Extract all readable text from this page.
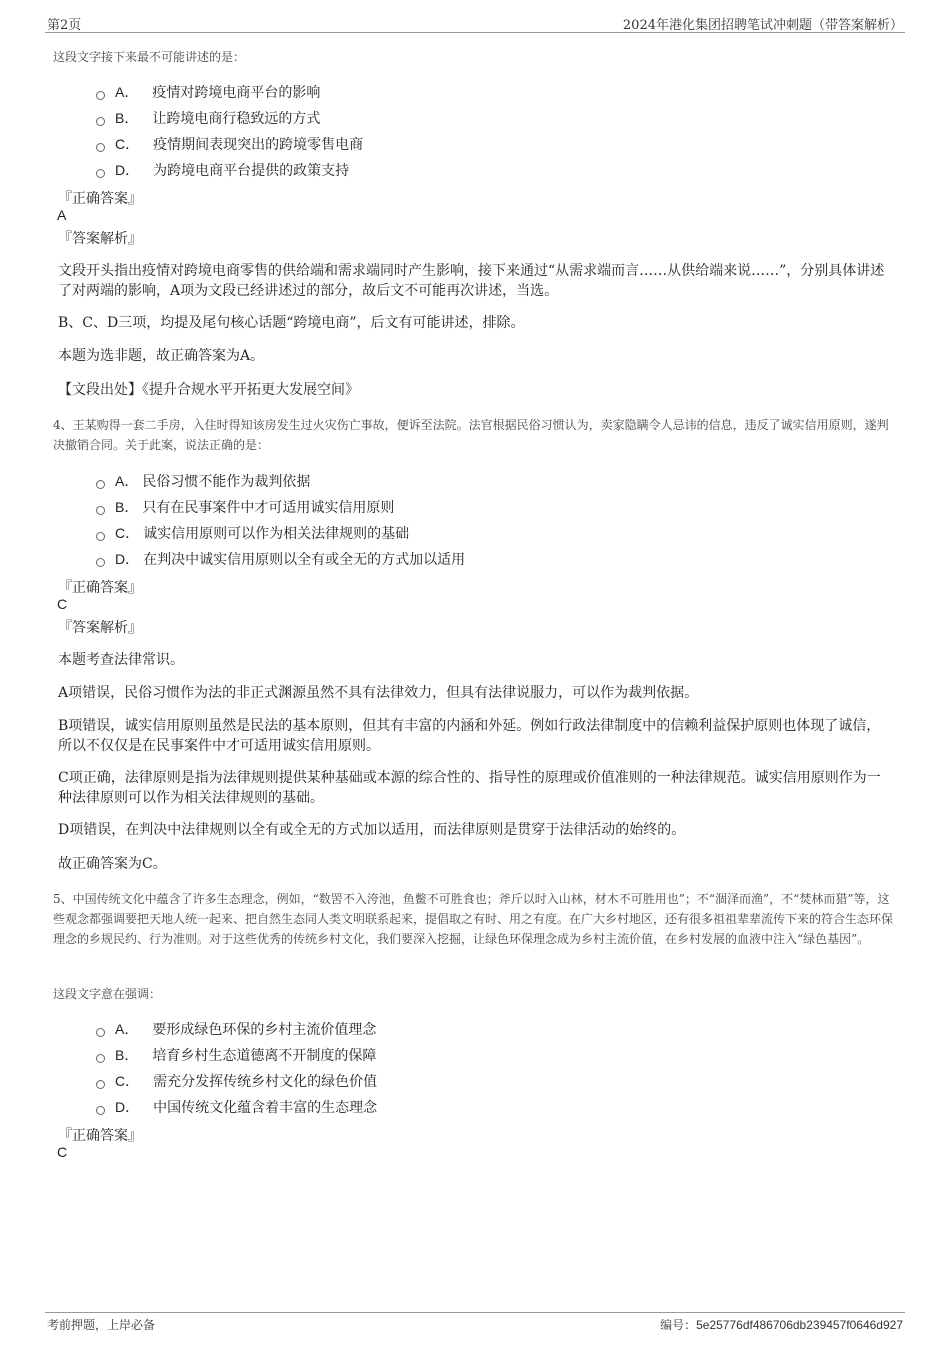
第2页	2024年港化集团招聘笔试冲刺题（带答案解析）
这段文字接下来最不可能讲述的是：
A． 疫情对跨境电商平台的影响
B． 让跨境电商行稳致远的方式
C． 疫情期间表现突出的跨境零售电商
D． 为跨境电商平台提供的政策支持
『正确答案』
A
『答案解析』
文段开头指出疫情对跨境电商零售的供给端和需求端同时产生影响，接下来通过“从需求端而言……从供给端来说……”，分别具体讲述了对两端的影响，A项为文段已经讲述过的部分，故后文不可能再次讲述，当选。
B、C、D三项，均提及尾句核心话题“跨境电商”，后文有可能讲述，排除。
本题为选非题，故正确答案为A。
【文段出处】《提升合规水平开拓更大发展空间》
4、王某购得一套二手房，入住时得知该房发生过火灾伤亡事故，便诉至法院。法官根据民俗习惯认为，卖家隐瞒令人忌讳的信息，违反了诚实信用原则，遂判决撤销合同。关于此案，说法正确的是：
A． 民俗习惯不能作为裁判依据
B． 只有在民事案件中才可适用诚实信用原则
C． 诚实信用原则可以作为相关法律规则的基础
D． 在判决中诚实信用原则以全有或全无的方式加以适用
『正确答案』
C
『答案解析』
本题考查法律常识。
A项错误，民俗习惯作为法的非正式渊源虽然不具有法律效力，但具有法律说服力，可以作为裁判依据。
B项错误，诚实信用原则虽然是民法的基本原则，但其有丰富的内涵和外延。例如行政法律制度中的信赖利益保护原则也体现了诚信，所以不仅仅是在民事案件中才可适用诚实信用原则。
C项正确，法律原则是指为法律规则提供某种基础或本源的综合性的、指导性的原理或价值准则的一种法律规范。诚实信用原则作为一种法律原则可以作为相关法律规则的基础。
D项错误，在判决中法律规则以全有或全无的方式加以适用，而法律原则是贯穿于法律活动的始终的。
故正确答案为C。
5、中国传统文化中蕴含了许多生态理念，例如，“数罟不入洿池，鱼鳖不可胜食也；斧斤以时入山林，材木不可胜用也”；不“涸泽而渔”，不“焚林而猎”等，这些观念都强调要把天地人统一起来、把自然生态同人类文明联系起来，提倡取之有时、用之有度。在广大乡村地区，还有很多祖祖辈辈流传下来的符合生态环保理念的乡规民约、行为准则。对于这些优秀的传统乡村文化，我们要深入挖掘，让绿色环保理念成为乡村主流价值，在乡村发展的血液中注入“绿色基因”。
这段文字意在强调：
A． 要形成绿色环保的乡村主流价值理念
B． 培育乡村生态道德离不开制度的保障
C． 需充分发挥传统乡村文化的绿色价值
D． 中国传统文化蕴含着丰富的生态理念
『正确答案』
C
考前押题，上岸必备	编号：5e25776df486706db239457f0646d927
